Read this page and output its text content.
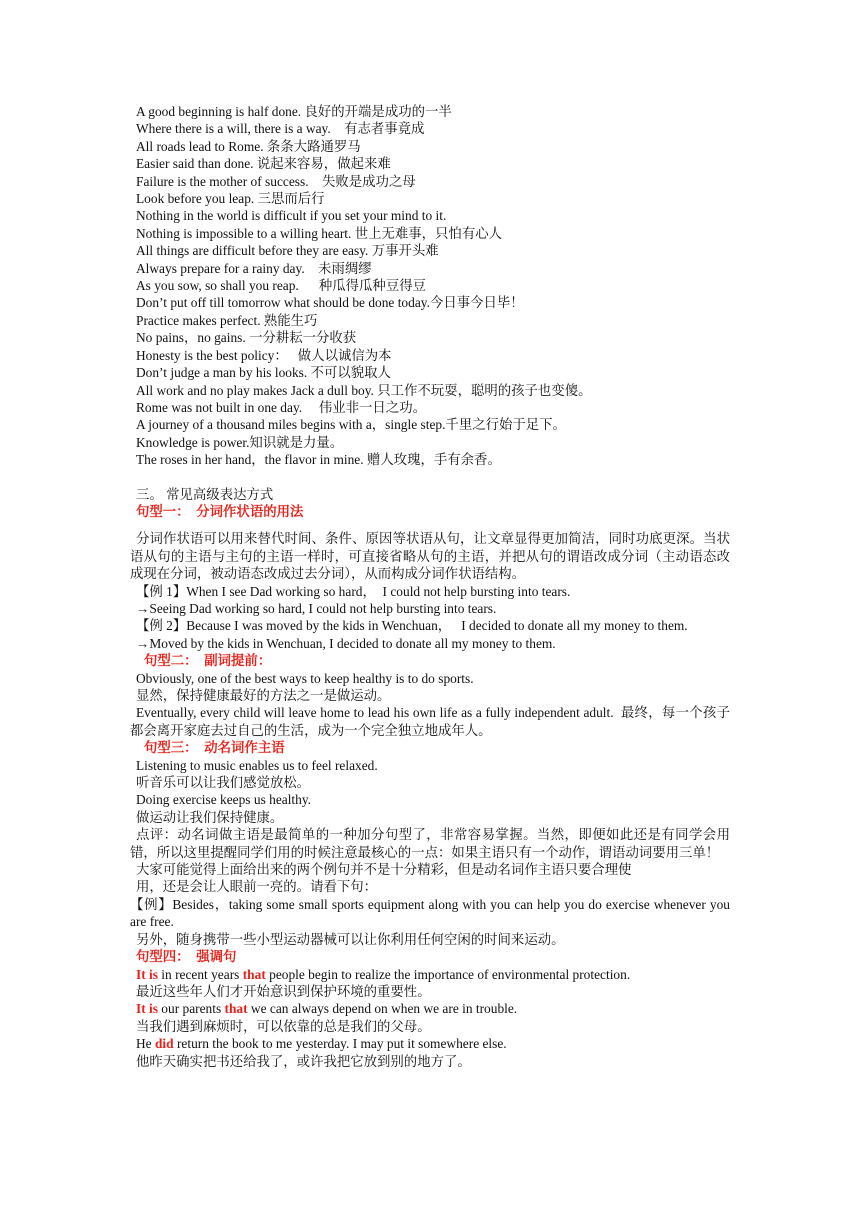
A good beginning is half done. 良好的开端是成功的一半
Where there is a will, there is a way.    有志者事竟成
All roads lead to Rome. 条条大路通罗马
Easier said than done. 说起来容易，做起来难
Failure is the mother of success.    失败是成功之母
Look before you leap. 三思而后行
Nothing in the world is difficult if you set your mind to it.
Nothing is impossible to a willing heart. 世上无难事，只怕有心人
All things are difficult before they are easy. 万事开头难
Always prepare for a rainy day.    未雨绸缪
As you sow, so shall you reap.      种瓜得瓜种豆得豆
Don’t put off till tomorrow what should be done today.今日事今日毕！
Practice makes perfect. 熟能生巧
No pains，no gains. 一分耕耘一分收获
Honesty is the best policy：   做人以诚信为本
Don’t judge a man by his looks. 不可以貌取人
All work and no play makes Jack a dull boy. 只工作不玩耍，聪明的孩子也变傻。
Rome was not built in one day.     伟业非一日之功。
A journey of a thousand miles begins with a，single step.千里之行始于足下。
Knowledge is power.知识就是力量。
The roses in her hand，the flavor in mine. 赠人玫瑰，手有余香。
三。 常见高级表达方式
句型一：  分词作状语的用法
分词作状语可以用来替代时间、条件、原因等状语从句，让文章显得更加简洁，同时功底更深。当状语从句的主语与主句的主语一样时，可直接省略从句的主语，并把从句的谓语改成分词（主动语态改成现在分词，被动语态改成过去分词），从而构成分词作状语结构。
【例 1】When I see Dad working so hard，  I could not help bursting into tears.
→Seeing Dad working so hard, I could not help bursting into tears.
【例 2】Because I was moved by the kids in Wenchuan，   I decided to donate all my money to them.
→Moved by the kids in Wenchuan, I decided to donate all my money to them.
句型二：  副词提前：
Obviously, one of the best ways to keep healthy is to do sports.
显然，保持健康最好的方法之一是做运动。
Eventually, every child will leave home to lead his own life as a fully independent adult.  最终，每一个孩子都会离开家庭去过自己的生活，成为一个完全独立地成年人。
句型三：  动名词作主语
Listening to music enables us to feel relaxed.
听音乐可以让我们感觉放松。
Doing exercise keeps us healthy.
做运动让我们保持健康。
点评：动名词做主语是最简单的一种加分句型了，非常容易掌握。当然，即便如此还是有同学会用错，所以这里提醒同学们用的时候注意最核心的一点：如果主语只有一个动作，谓语动词要用三单！
大家可能觉得上面给出来的两个例句并不是十分精彩，但是动名词作主语只要合理使
用，还是会让人眼前一亮的。请看下句：
【例】Besides，taking some small sports equipment along with you can help you do exercise whenever you are free.
另外，随身携带一些小型运动器械可以让你利用任何空闲的时间来运动。
句型四：  强调句
It is in recent years that people begin to realize the importance of environmental protection.
最近这些年人们才开始意识到保护环境的重要性。
It is our parents that we can always depend on when we are in trouble.
当我们遇到麻烦时，可以依靠的总是我们的父母。
He did return the book to me yesterday. I may put it somewhere else.
他昨天确实把书还给我了，或许我把它放到别的地方了。
